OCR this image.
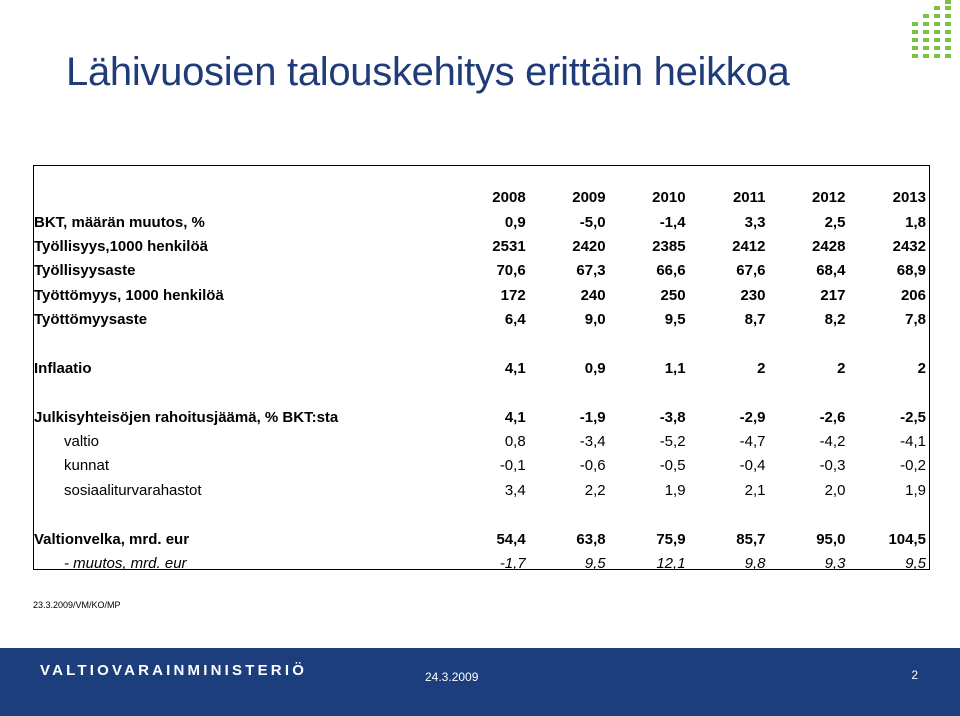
Lähivuosien talouskehitys erittäin heikkoa
	2008	2009	2010	2011	2012	2013
BKT, määrän muutos, %	0,9	-5,0	-1,4	3,3	2,5	1,8
Työllisyys,1000 henkilöä	2531	2420	2385	2412	2428	2432
Työllisyysaste	70,6	67,3	66,6	67,6	68,4	68,9
Työttömyys, 1000 henkilöä	172	240	250	230	217	206
Työttömyysaste	6,4	9,0	9,5	8,7	8,2	7,8

Inflaatio	4,1	0,9	1,1	2	2	2

Julkisyhteisöjen rahoitusjäämä, % BKT:sta	4,1	-1,9	-3,8	-2,9	-2,6	-2,5
valtio	0,8	-3,4	-5,2	-4,7	-4,2	-4,1
kunnat	-0,1	-0,6	-0,5	-0,4	-0,3	-0,2
sosiaaliturvarahastot	3,4	2,2	1,9	2,1	2,0	1,9

Valtionvelka, mrd. eur	54,4	63,8	75,9	85,7	95,0	104,5
- muutos, mrd. eur	-1,7	9,5	12,1	9,8	9,3	9,5
23.3.2009/VM/KO/MP
VALTIOVARAINMINISTERIÖ	24.3.2009	2
